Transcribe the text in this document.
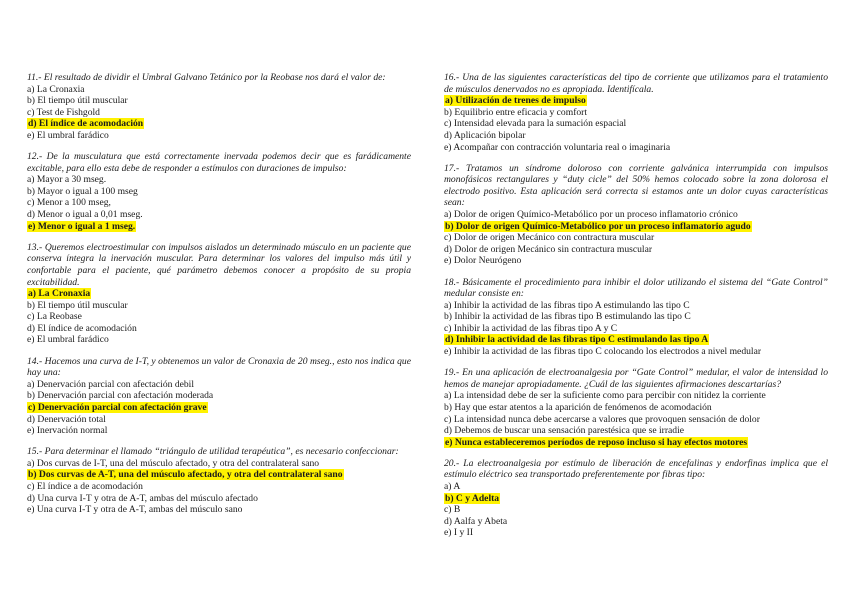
11.- El resultado de dividir el Umbral Galvano Tetánico por la Reobase nos dará el valor de:

a) La Cronaxia
b) El tiempo útil muscular
c) Test de Fishgold
d) El índice de acomodación
e) El umbral farádico

12.- De la musculatura que está correctamente inervada podemos decir que es farádicamente excitable, para ello esta debe de responder a estímulos con duraciones de impulso:

a) Mayor a 30 mseg.
b) Mayor o igual a 100 mseg
c) Menor a 100 mseg,
d) Menor o igual a 0,01 mseg.
e) Menor o igual a 1 mseg.

13.- Queremos electroestimular con impulsos aislados un determinado músculo en un paciente que conserva íntegra la inervación muscular. Para determinar los valores del impulso más útil y confortable para el paciente, qué parámetro debemos conocer a propósito de su propia excitabilidad.

a) La Cronaxia
b) El tiempo útil muscular
c) La Reobase
d) El índice de acomodación
e) El umbral farádico

14.- Hacemos una curva de I-T, y obtenemos un valor de Cronaxia de 20 mseg., esto nos indica que hay una:

a) Denervación parcial con afectación debil
b) Denervación parcial con afectación moderada
c) Denervación parcial con afectación grave
d) Denervación total
e) Inervación normal

15.- Para determinar el llamado “triángulo de utilidad terapéutica”, es necesario confeccionar:

a) Dos curvas de I-T, una del músculo afectado, y otra del contralateral sano
b) Dos curvas de A-T, una del músculo afectado, y otra del contralateral sano
c) El índice a de acomodación
d) Una curva I-T y otra de A-T, ambas del músculo afectado
e) Una curva I-T y otra de A-T, ambas del músculo sano

16.- Una de las siguientes características del tipo de corriente que utilizamos para el tratamiento de músculos denervados no es apropiada. Identifícala.

a) Utilización de trenes de impulso
b) Equilibrio entre eficacia y comfort
c) Intensidad elevada para la sumación espacial
d) Aplicación bipolar
e) Acompañar con contracción voluntaria real o imaginaria

17.- Tratamos un síndrome doloroso con corriente galvánica interrumpida con impulsos monofásicos rectangulares y “duty cicle” del 50% hemos colocado sobre la zona dolorosa el electrodo positivo. Esta aplicación será correcta si estamos ante un dolor cuyas características sean:

a) Dolor de origen Químico-Metabólico por un proceso inflamatorio crónico
b) Dolor de origen Químico-Metabólico por un proceso inflamatorio agudo
c) Dolor de origen Mecánico con contractura muscular
d) Dolor de origen Mecánico sin contractura muscular
e) Dolor Neurógeno

18.- Básicamente el procedimiento para inhibir el dolor utilizando el sistema del “Gate Control” medular consiste en:

a) Inhibir la actividad de las fibras tipo A estimulando las tipo C
b) Inhibir la actividad de las fibras tipo B estimulando las tipo C
c) Inhibir la actividad de las fibras tipo A y C
d) Inhibir la actividad de las fibras tipo C estimulando las tipo A
e) Inhibir la actividad de las fibras tipo C colocando los electrodos a nivel medular

19.- En una aplicación de electroanalgesia por “Gate Control” medular, el valor de intensidad lo hemos de manejar apropiadamente. ¿Cuál de las siguientes afirmaciones descartarías?

a) La intensidad debe de ser la suficiente como para percibir con nitidez la corriente
b) Hay que estar atentos a la aparición de fenómenos de acomodación
c) La intensidad nunca debe acercarse a valores que provoquen sensación de dolor
d) Debemos de buscar una sensación parestésica que se irradie
e) Nunca estableceremos períodos de reposo incluso si hay efectos motores

20.- La electroanalgesia por estímulo de liberación de encefalinas y endorfinas implica que el estímulo eléctrico sea transportado preferentemente por fibras tipo:

a) A
b) C y Adelta
c) B
d) Aalfa y Abeta
e) I y II
